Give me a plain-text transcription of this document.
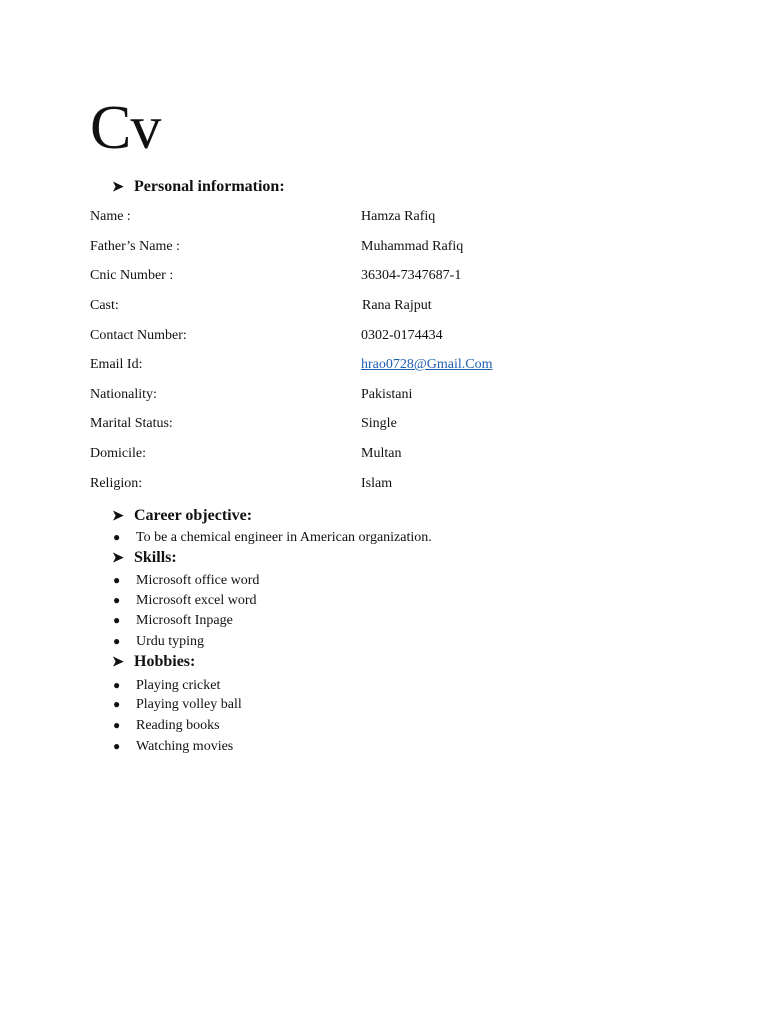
Cv
➤ Personal information:
Name :	Hamza Rafiq
Father’s Name :	Muhammad Rafiq
Cnic Number :	36304-7347687-1
Cast:	Rana Rajput
Contact Number:	0302-0174434
Email Id:	hrao0728@Gmail.Com
Nationality:	Pakistani
Marital Status:	Single
Domicile:	Multan
Religion:	Islam
➤ Career objective:
● To be a chemical engineer in American organization.
➤ Skills:
● Microsoft office word
● Microsoft excel word
● Microsoft Inpage
● Urdu typing
➤ Hobbies:
● Playing cricket
● Playing volley ball
● Reading books
● Watching movies
